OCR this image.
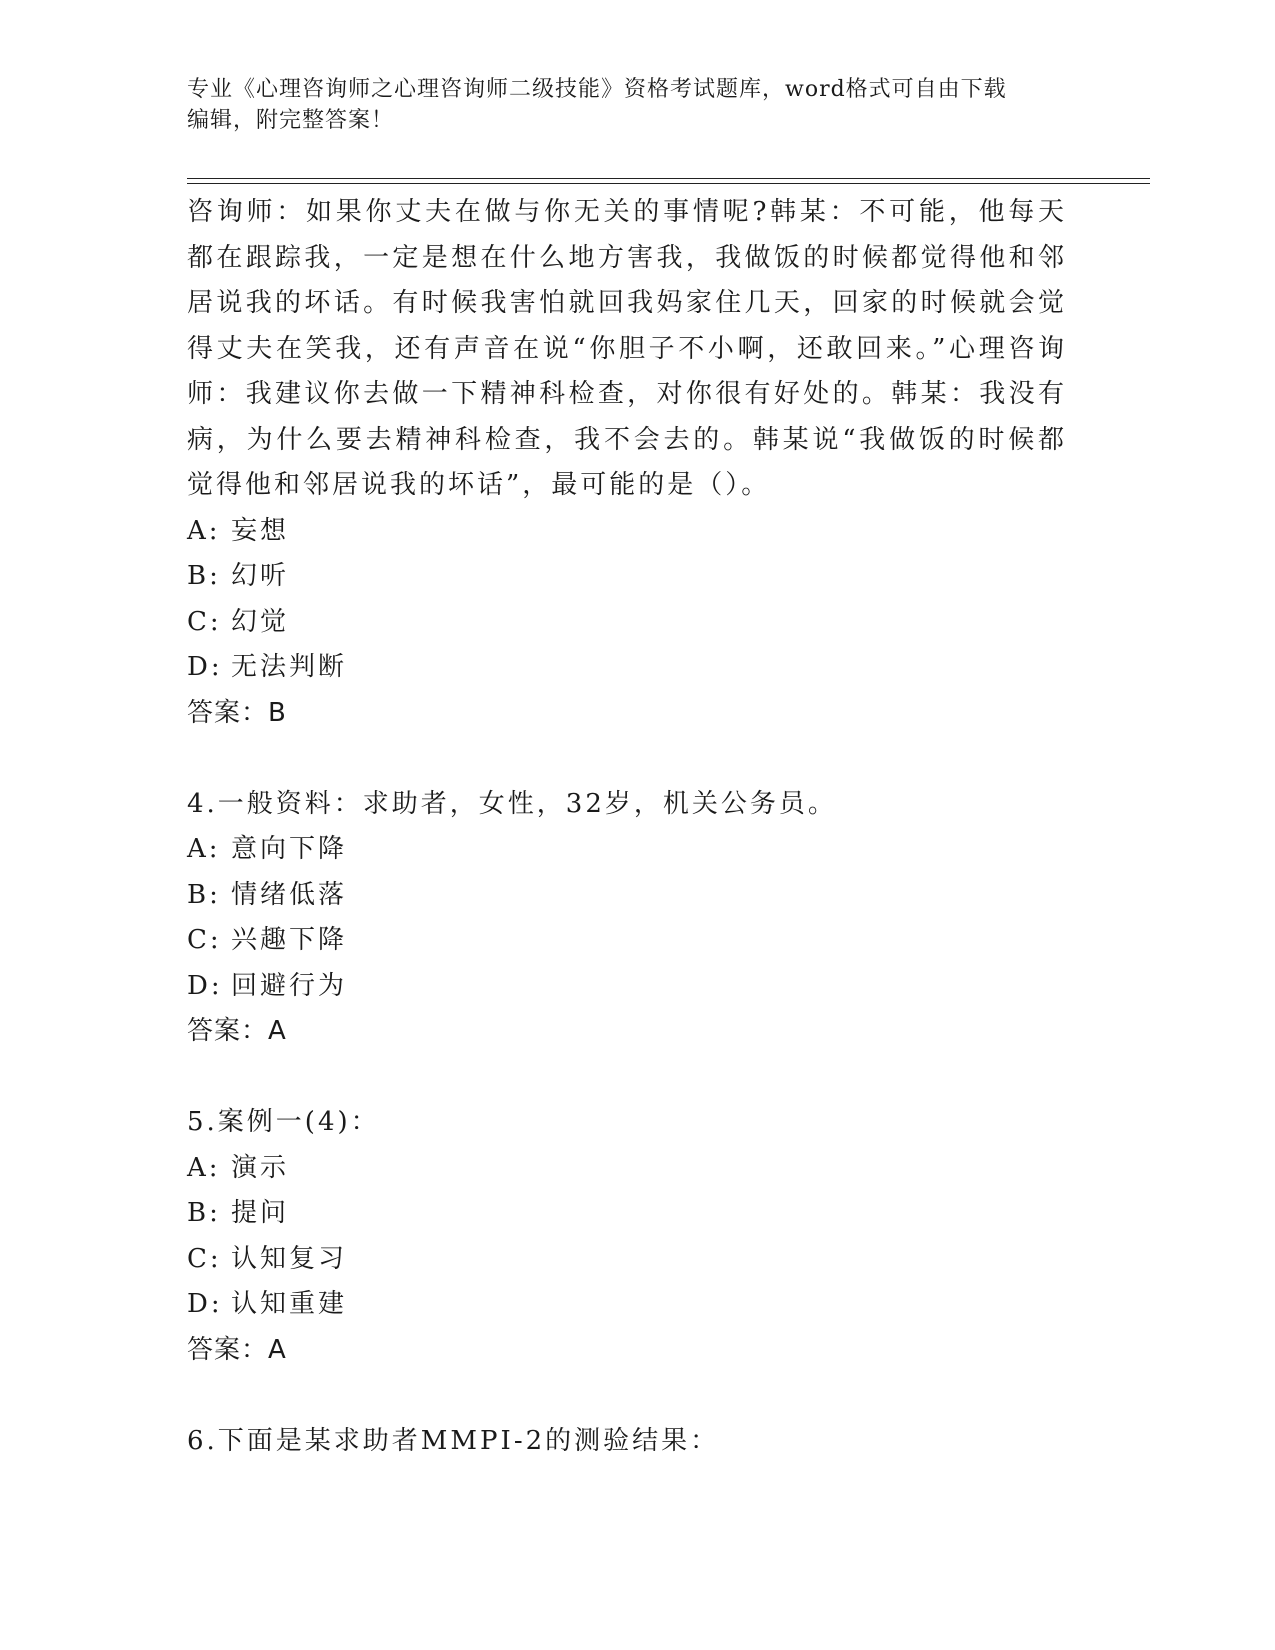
专业《心理咨询师之心理咨询师二级技能》资格考试题库，word格式可自由下载
编辑，附完整答案！
咨询师：如果你丈夫在做与你无关的事情呢?韩某：不可能，他每天都在跟踪我，一定是想在什么地方害我，我做饭的时候都觉得他和邻居说我的坏话。有时候我害怕就回我妈家住几天，回家的时候就会觉得丈夫在笑我，还有声音在说“你胆子不小啊，还敢回来。”心理咨询师：我建议你去做一下精神科检查，对你很有好处的。韩某：我没有病，为什么要去精神科检查，我不会去的。韩某说“我做饭的时候都觉得他和邻居说我的坏话”，最可能的是（）。
A: 妄想
B: 幻听
C: 幻觉
D: 无法判断
答案：B
4.一般资料：求助者，女性，32岁，机关公务员。
A: 意向下降
B: 情绪低落
C: 兴趣下降
D: 回避行为
答案：A
5.案例一(4)：
A: 演示
B: 提问
C: 认知复习
D: 认知重建
答案：A
6.下面是某求助者MMPI-2的测验结果：
